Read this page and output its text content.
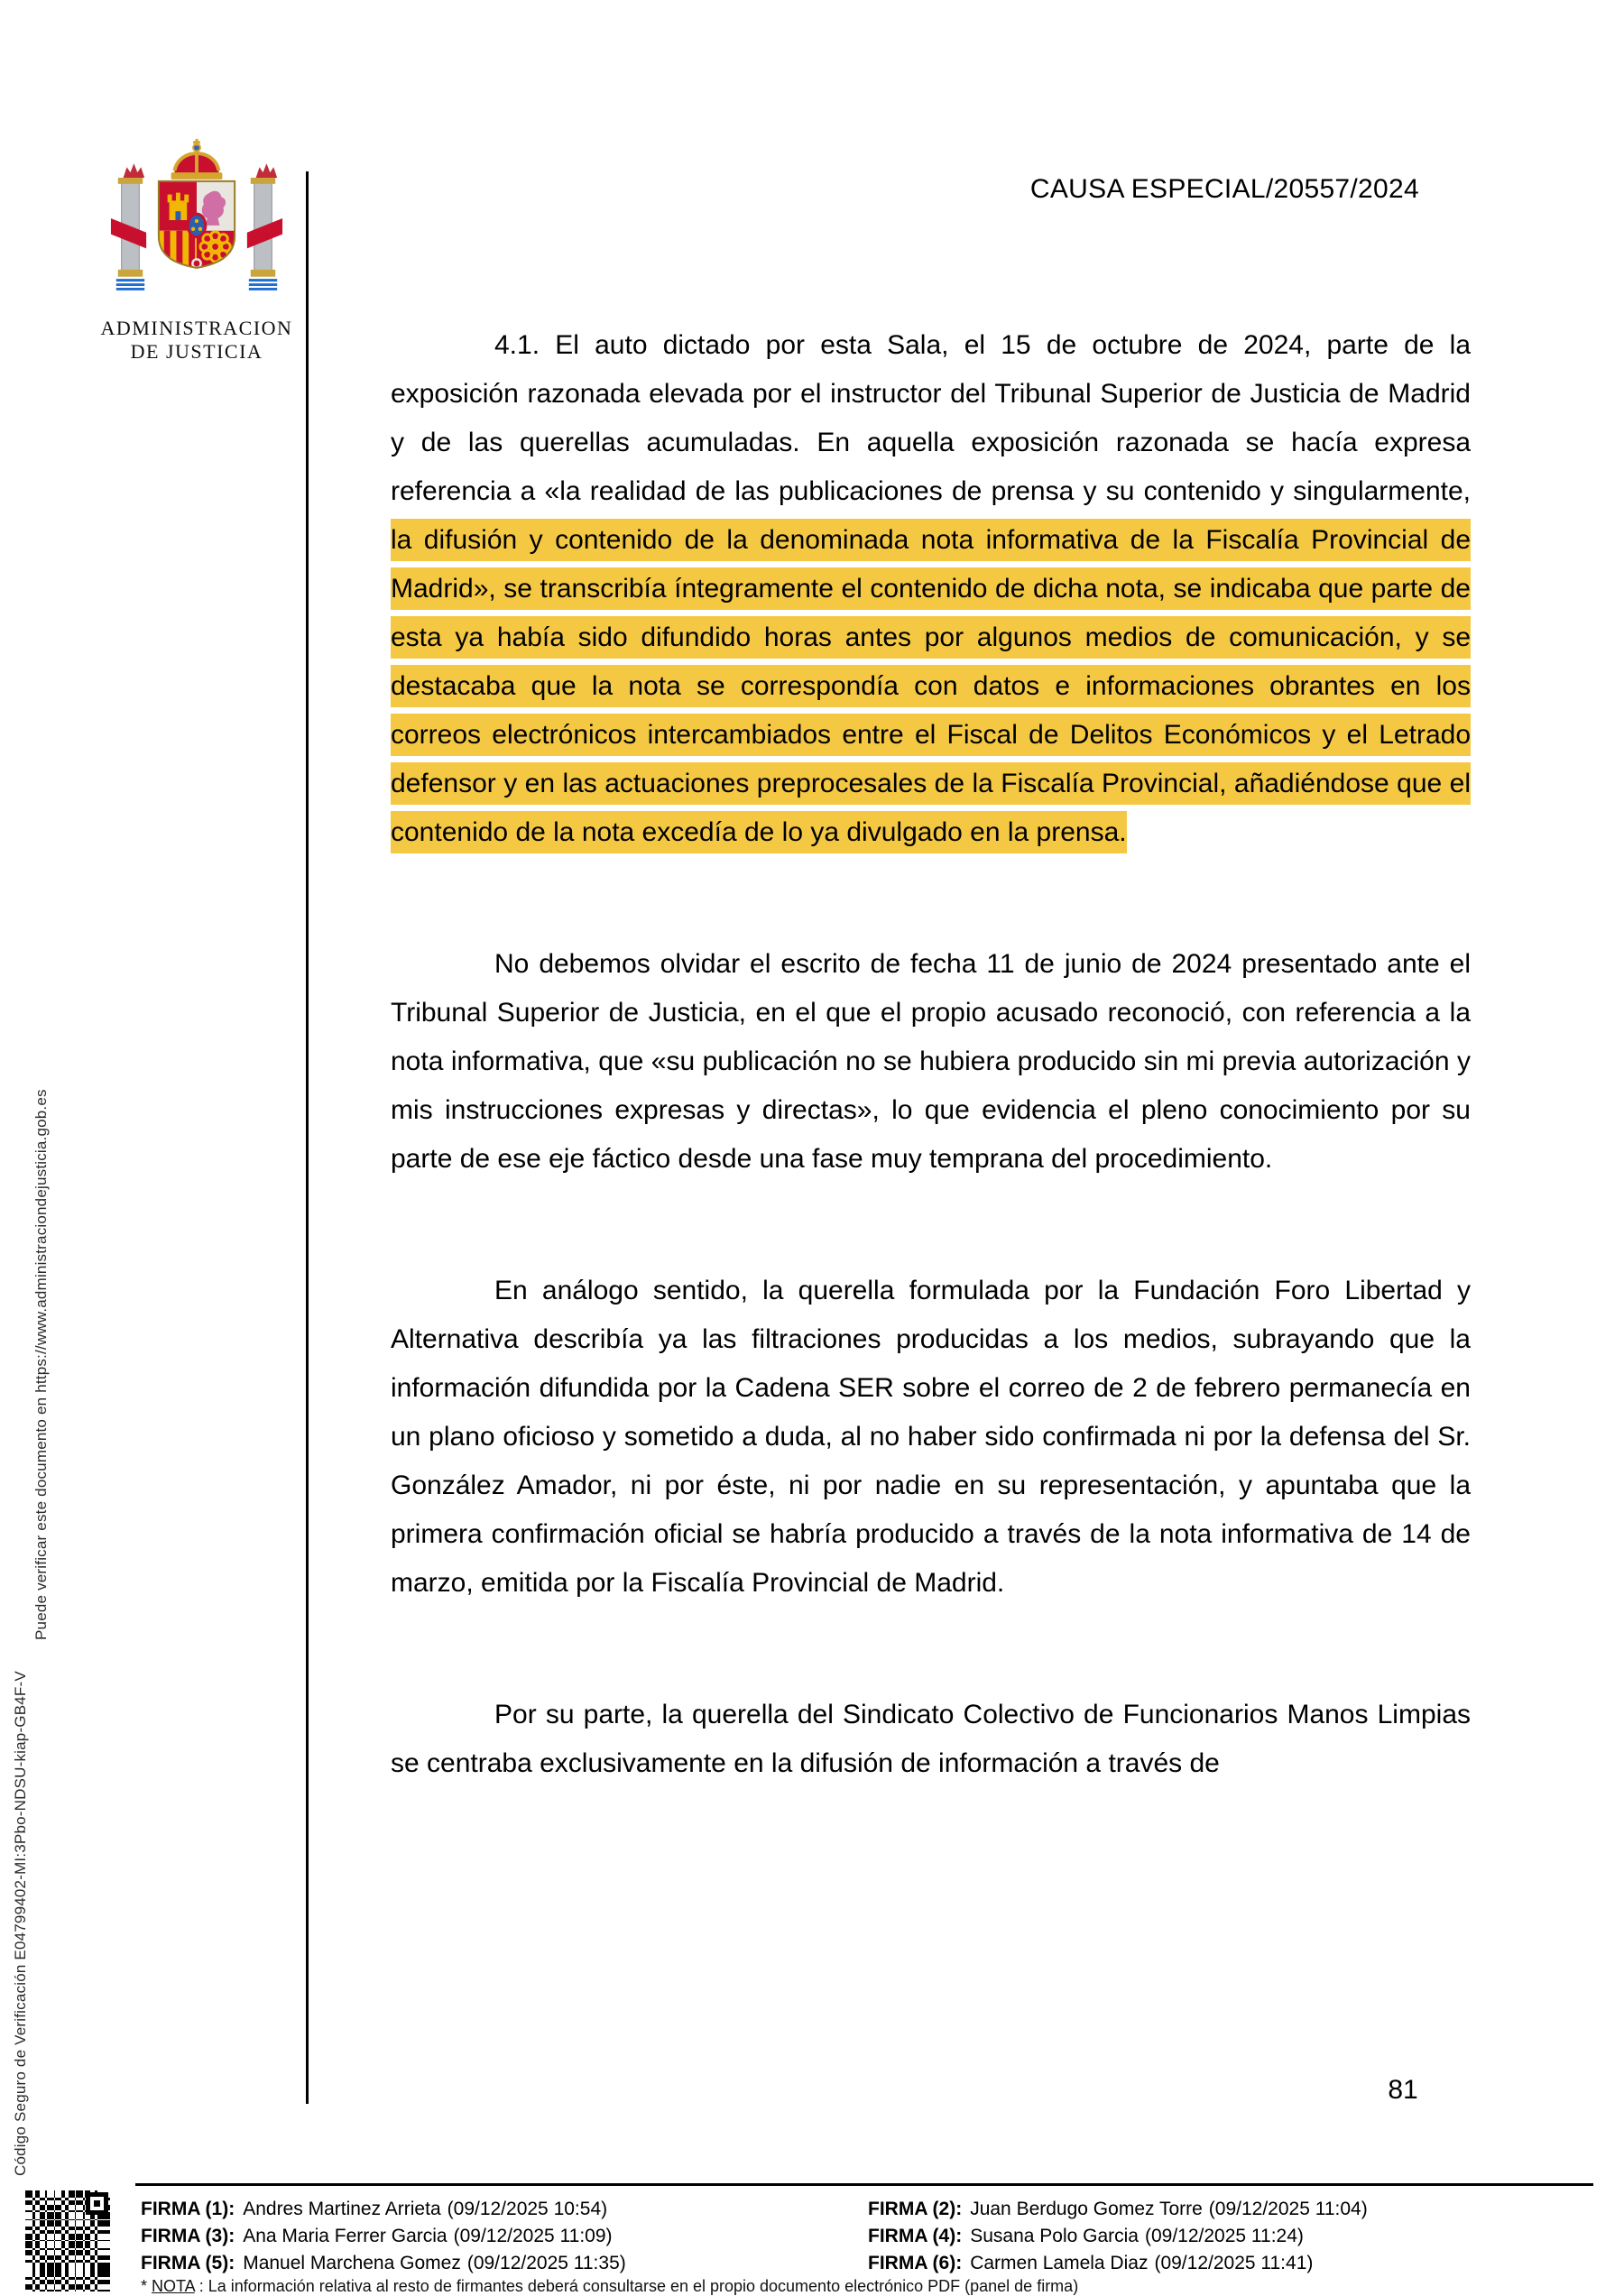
Código Seguro de Verificación E04799402-MI:3Pbo-NDSU-kiap-GB4F-V
Puede verificar este documento en https://www.administraciondejusticia.gob.es
ADMINISTRACION
DE JUSTICIA
CAUSA ESPECIAL/20557/2024

4.1. El auto dictado por esta Sala, el 15 de octubre de 2024, parte de la exposición razonada elevada por el instructor del Tribunal Superior de Justicia de Madrid y de las querellas acumuladas. En aquella exposición razonada se hacía expresa referencia a «la realidad de las publicaciones de prensa y su contenido y singularmente, la difusión y contenido de la denominada nota informativa de la Fiscalía Provincial de Madrid», se transcribía íntegramente el contenido de dicha nota, se indicaba que parte de esta ya había sido difundido horas antes por algunos medios de comunicación, y se destacaba que la nota se correspondía con datos e informaciones obrantes en los correos electrónicos intercambiados entre el Fiscal de Delitos Económicos y el Letrado defensor y en las actuaciones preprocesales de la Fiscalía Provincial, añadiéndose que el contenido de la nota excedía de lo ya divulgado en la prensa.

No debemos olvidar el escrito de fecha 11 de junio de 2024 presentado ante el Tribunal Superior de Justicia, en el que el propio acusado reconoció, con referencia a la nota informativa, que «su publicación no se hubiera producido sin mi previa autorización y mis instrucciones expresas y directas», lo que evidencia el pleno conocimiento por su parte de ese eje fáctico desde una fase muy temprana del procedimiento.

En análogo sentido, la querella formulada por la Fundación Foro Libertad y Alternativa describía ya las filtraciones producidas a los medios, subrayando que la información difundida por la Cadena SER sobre el correo de 2 de febrero permanecía en un plano oficioso y sometido a duda, al no haber sido confirmada ni por la defensa del Sr. González Amador, ni por éste, ni por nadie en su representación, y apuntaba que la primera confirmación oficial se habría producido a través de la nota informativa de 14 de marzo, emitida por la Fiscalía Provincial de Madrid.

Por su parte, la querella del Sindicato Colectivo de Funcionarios Manos Limpias se centraba exclusivamente en la difusión de información a través de

81
FIRMA (1): Andres Martinez Arrieta (09/12/2025 10:54)	FIRMA (2): Juan Berdugo Gomez Torre (09/12/2025 11:04)
FIRMA (3): Ana Maria Ferrer Garcia (09/12/2025 11:09)	FIRMA (4): Susana Polo Garcia (09/12/2025 11:24)
FIRMA (5): Manuel Marchena Gomez (09/12/2025 11:35)	FIRMA (6): Carmen Lamela Diaz (09/12/2025 11:41)
* NOTA : La información relativa al resto de firmantes deberá consultarse en el propio documento electrónico PDF (panel de firma)
